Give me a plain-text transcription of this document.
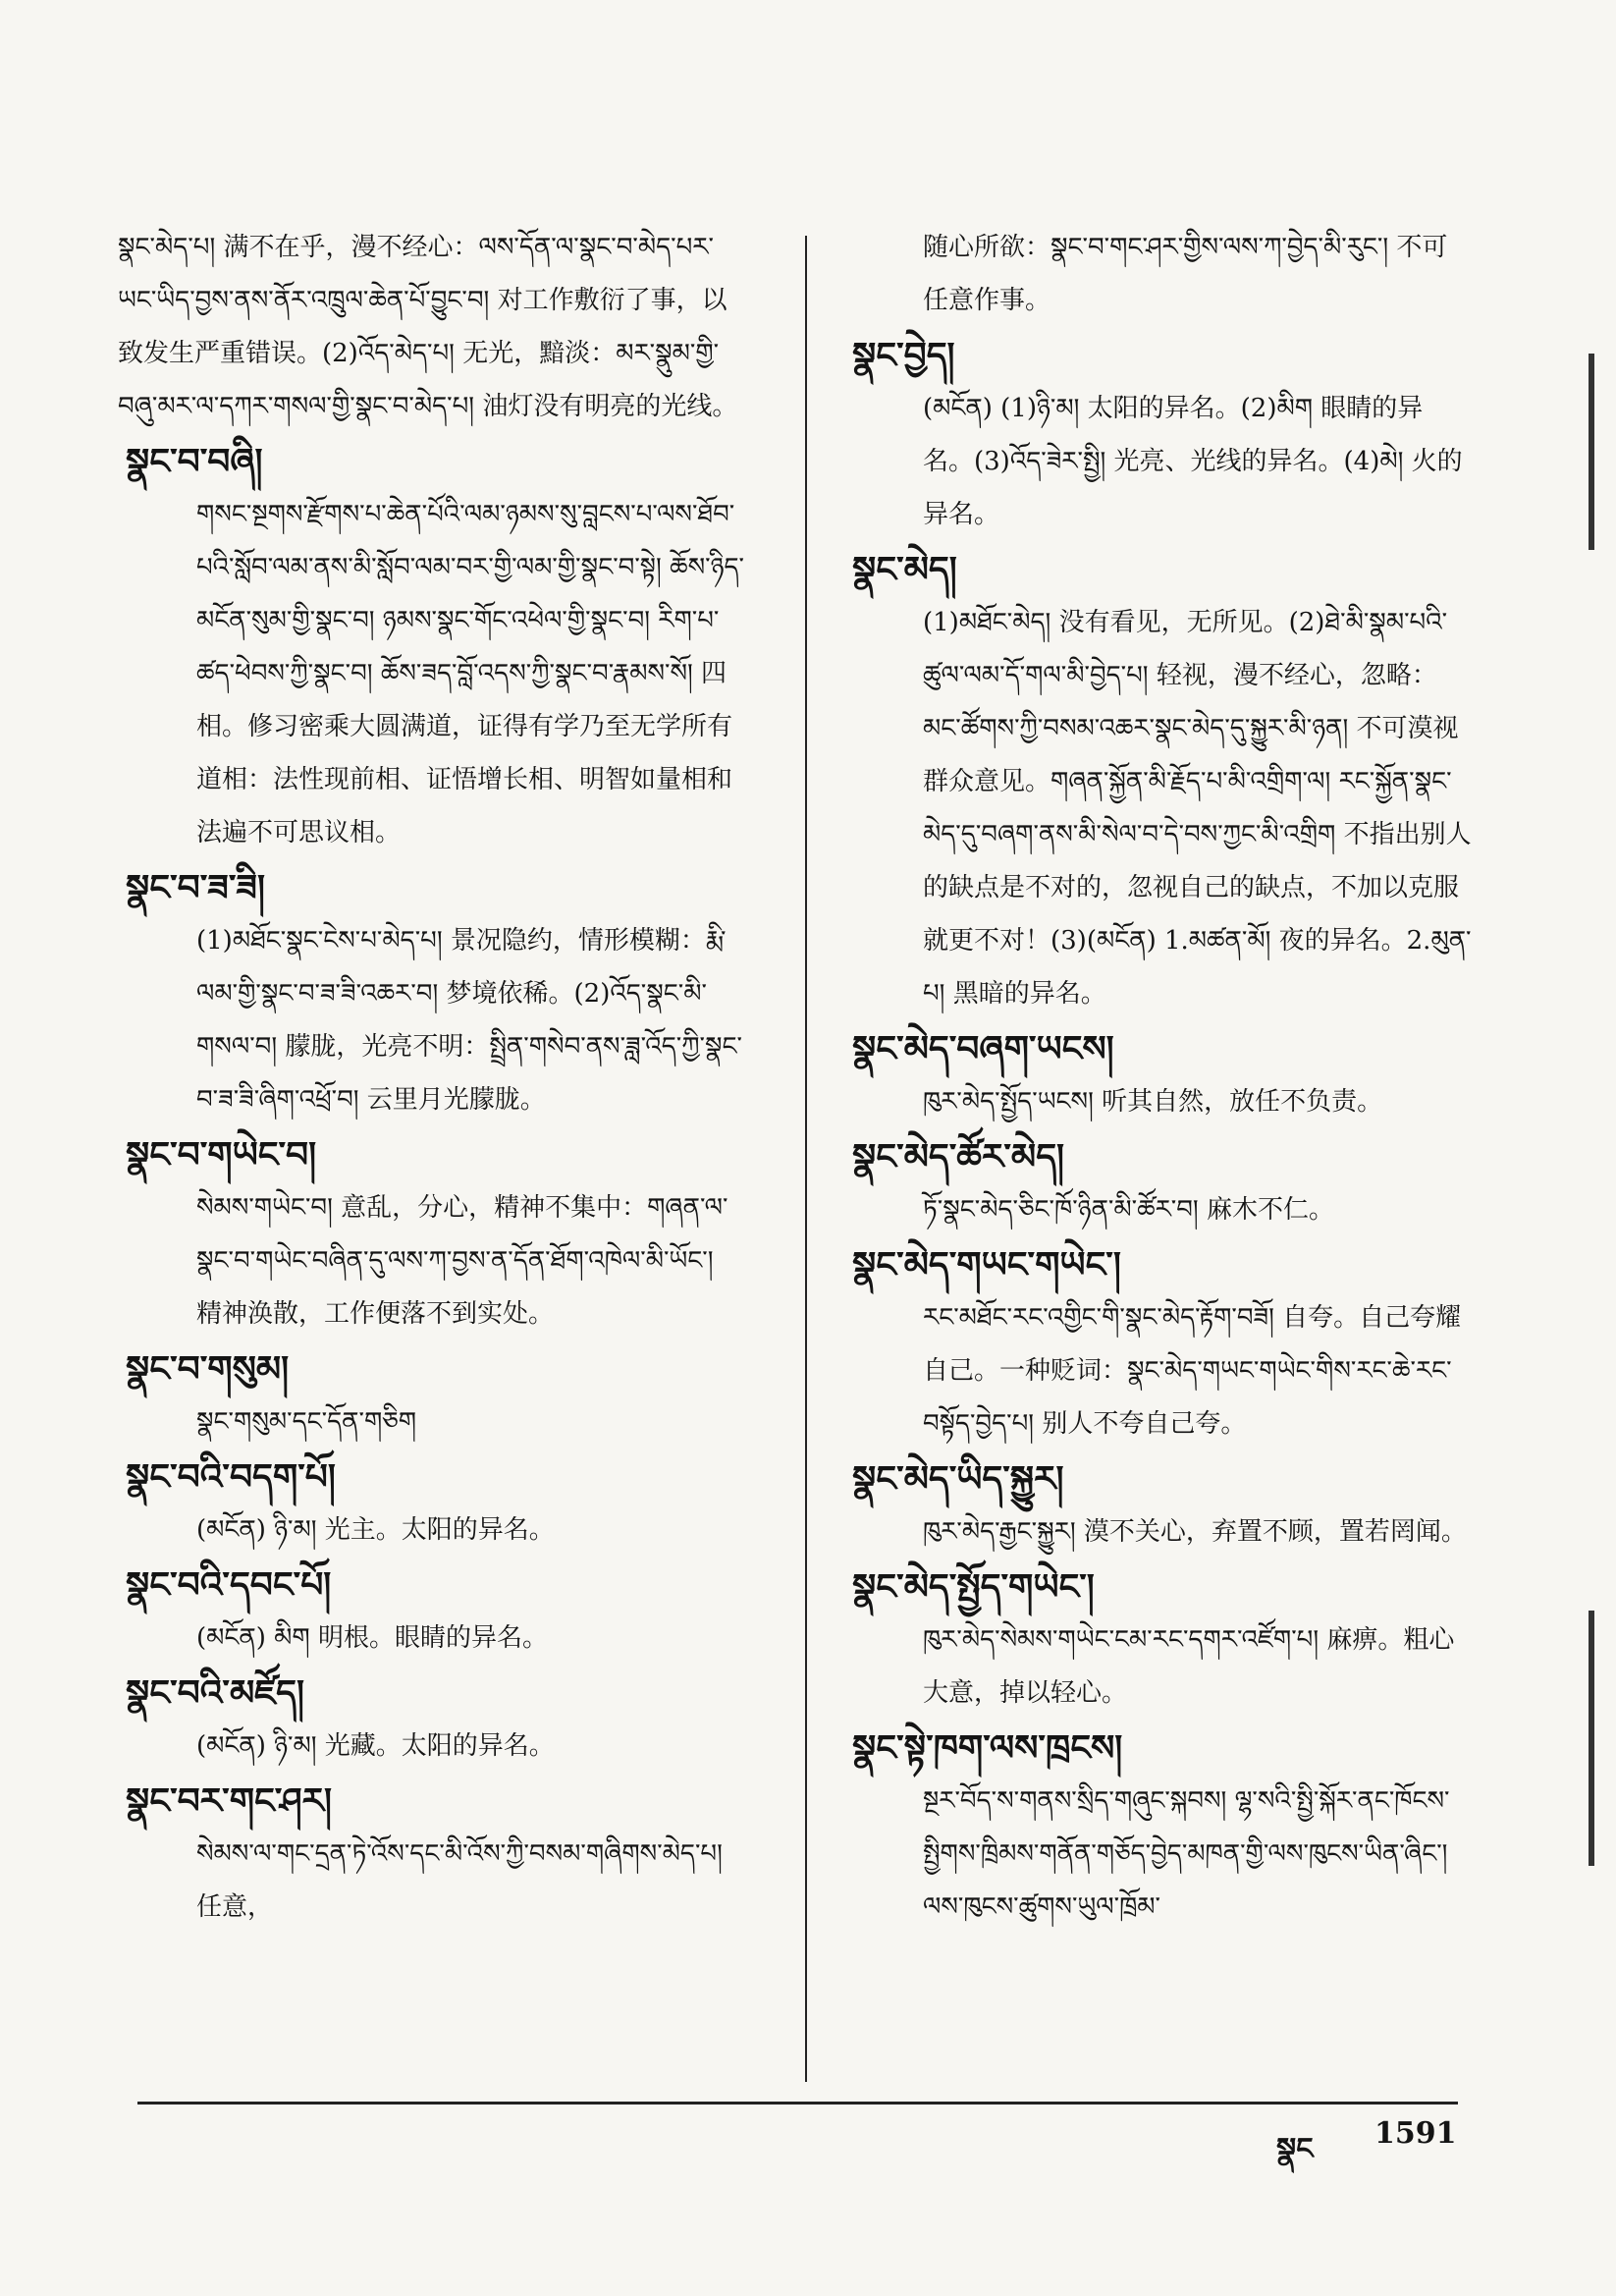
སྣང་མེད་པ། 满不在乎，漫不经心：ལས་དོན་ལ་སྣང་བ་མེད་པར་ཡང་ཡིད་བྱས་ནས་ནོར་འཁྲུལ་ཆེན་པོ་བྱུང་བ། 对工作敷衍了事，以致发生严重错误。(2)འོད་མེད་པ། 无光，黯淡：མར་སྣུམ་གྱི་བཞུ་མར་ལ་དཀར་གསལ་གྱི་སྣང་བ་མེད་པ། 油灯没有明亮的光线。
སྣང་བ་བཞི།
གསང་སྔགས་རྫོགས་པ་ཆེན་པོའི་ལམ་ཉམས་སུ་བླངས་པ་ལས་ཐོབ་པའི་སློབ་ལམ་ནས་མི་སློབ་ལམ་བར་གྱི་ལམ་གྱི་སྣང་བ་སྟེ། ཆོས་ཉིད་མངོན་སུམ་གྱི་སྣང་བ། ཉམས་སྣང་གོང་འཕེལ་གྱི་སྣང་བ། རིག་པ་ཚད་ཕེབས་ཀྱི་སྣང་བ། ཆོས་ཟད་བློ་འདས་ཀྱི་སྣང་བ་རྣམས་སོ། 四相。修习密乘大圆满道，证得有学乃至无学所有道相：法性现前相、证悟增长相、明智如量相和法遍不可思议相。
སྣང་བ་ཟ་ཟི།
(1)མཐོང་སྣང་ངེས་པ་མེད་པ། 景况隐约，情形模糊：རྨི་ལམ་གྱི་སྣང་བ་ཟ་ཟི་འཆར་བ། 梦境依稀。(2)འོད་སྣང་མི་གསལ་བ། 朦胧，光亮不明：སྤྲིན་གསེབ་ནས་ཟླ་འོད་ཀྱི་སྣང་བ་ཟ་ཟི་ཞིག་འཕྲོ་བ། 云里月光朦胧。
སྣང་བ་གཡེང་བ།
སེམས་གཡེང་བ། 意乱，分心，精神不集中：གཞན་ལ་སྣང་བ་གཡེང་བཞིན་དུ་ལས་ཀ་བྱས་ན་དོན་ཐོག་འཁེལ་མི་ཡོང་། 精神涣散，工作便落不到实处。
སྣང་བ་གསུམ།
སྣང་གསུམ་དང་དོན་གཅིག
སྣང་བའི་བདག་པོ།
(མངོན) ཉི་མ། 光主。太阳的异名。
སྣང་བའི་དབང་པོ།
(མངོན) མིག 明根。眼睛的异名。
སྣང་བའི་མཛོད།
(མངོན) ཉི་མ། 光藏。太阳的异名。
སྣང་བར་གང་ཤར།
སེམས་ལ་གང་དྲན་ཏེ་འོས་དང་མི་འོས་ཀྱི་བསམ་གཞིགས་མེད་པ། 任意，
随心所欲：སྣང་བ་གང་ཤར་གྱིས་ལས་ཀ་བྱེད་མི་རུང་། 不可任意作事。
སྣང་བྱེད།
(མངོན) (1)ཉི་མ། 太阳的异名。(2)མིག 眼睛的异名。(3)འོད་ཟེར་སྤྱི། 光亮、光线的异名。(4)མེ། 火的异名。
སྣང་མེད།
(1)མཐོང་མེད། 没有看见，无所见。(2)ཐེ་མི་སྣམ་པའི་ཚུལ་ལམ་དོ་གལ་མི་བྱེད་པ། 轻视，漫不经心，忽略：མང་ཚོགས་ཀྱི་བསམ་འཆར་སྣང་མེད་དུ་སྐྱུར་མི་ཉན། 不可漠视群众意见。གཞན་སྐྱོན་མི་རྗོད་པ་མི་འགྲིག་ལ། རང་སྐྱོན་སྣང་མེད་དུ་བཞག་ནས་མི་སེལ་བ་དེ་བས་ཀྱང་མི་འགྲིག 不指出别人的缺点是不对的，忽视自己的缺点，不加以克服就更不对！(3)(མངོན) 1.མཚན་མོ། 夜的异名。2.མུན་པ། 黑暗的异名。
སྣང་མེད་བཞག་ཡངས།
ཁུར་མེད་སྤྱོད་ཡངས། 听其自然，放任不负责。
སྣང་མེད་ཚོར་མེད།
ཏོ་སྣང་མེད་ཅིང་ཁོ་ཉིན་མི་ཚོར་བ། 麻木不仁。
སྣང་མེད་གཡང་གཡེང་།
རང་མཐོང་རང་འགྱིང་གི་སྣང་མེད་རྟོག་བཟོ། 自夸。自己夸耀自己。一种贬词：སྣང་མེད་གཡང་གཡེང་གིས་རང་ཆེ་རང་བསྟོད་བྱེད་པ། 别人不夸自己夸。
སྣང་མེད་ཡིད་སྐྱུར།
ཁུར་མེད་རྒྱང་སྐྱུར། 漠不关心，弃置不顾，置若罔闻。
སྣང་མེད་སྤྱོད་གཡེང་།
ཁུར་མེད་སེམས་གཡེང་ངམ་རང་དགར་འཛོག་པ། 麻痹。粗心大意，掉以轻心。
སྣང་སྟེ་ཁག་ལས་ཁྲངས།
སྔར་བོད་ས་གནས་སྲིད་གཞུང་སྐབས། ལྷ་སའི་སྤྱི་སྐོར་ནང་ཁོངས་སྤྱིགས་ཁྲིམས་གནོན་གཅོད་བྱེད་མཁན་གྱི་ལས་ཁུངས་ཡིན་ཞིང་། ལས་ཁུངས་ཚུགས་ཡུལ་ཁྲོམ་
སྣང 1591
